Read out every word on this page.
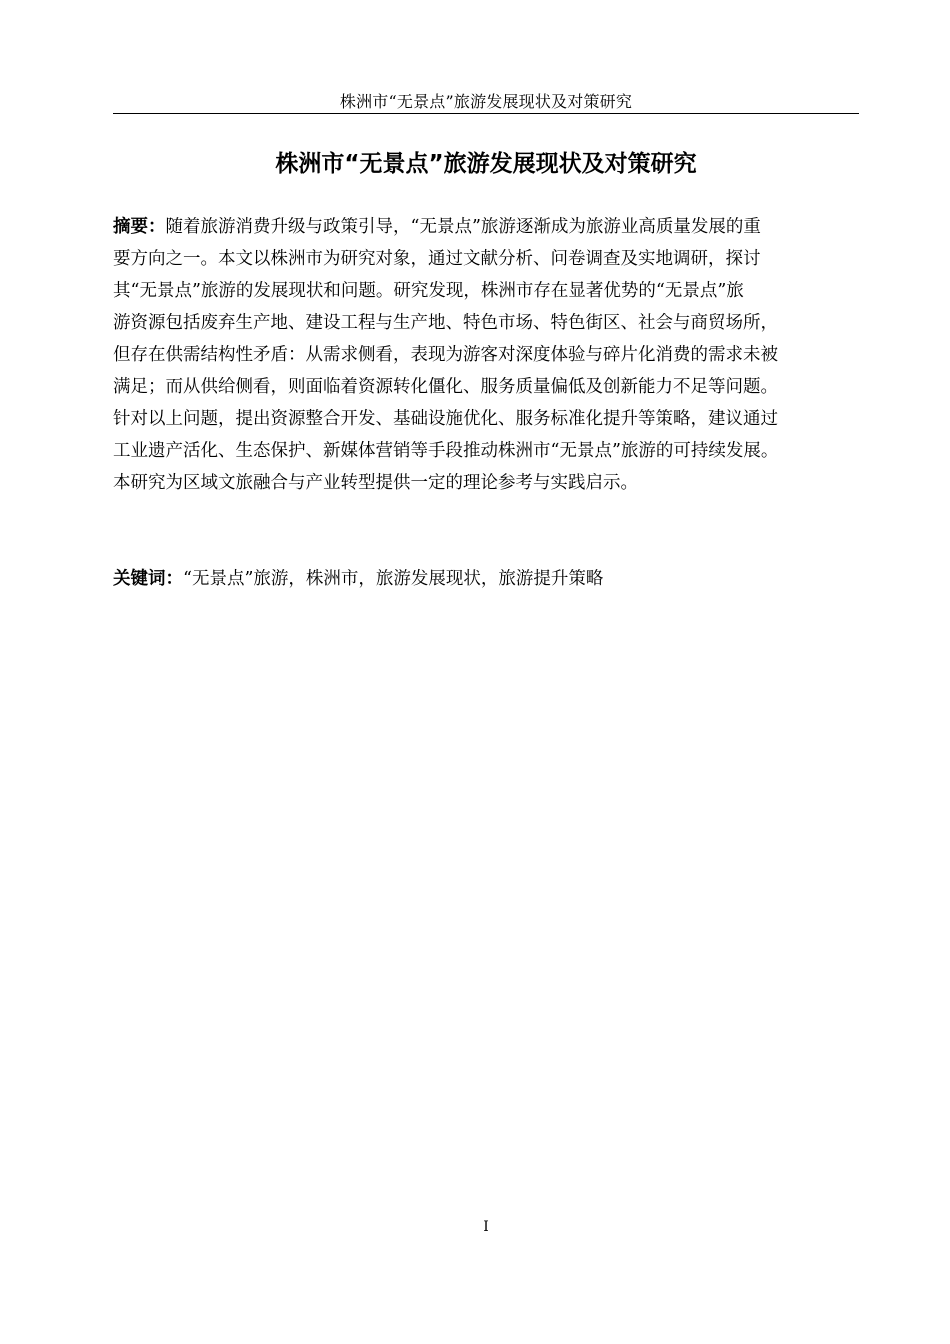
株洲市“无景点”旅游发展现状及对策研究
株洲市“无景点”旅游发展现状及对策研究
摘要：随着旅游消费升级与政策引导，“无景点”旅游逐渐成为旅游业高质量发展的重
要方向之一。本文以株洲市为研究对象，通过文献分析、问卷调查及实地调研，探讨
其“无景点”旅游的发展现状和问题。研究发现，株洲市存在显著优势的“无景点”旅
游资源包括废弃生产地、建设工程与生产地、特色市场、特色街区、社会与商贸场所，
但存在供需结构性矛盾：从需求侧看，表现为游客对深度体验与碎片化消费的需求未被
满足；而从供给侧看，则面临着资源转化僵化、服务质量偏低及创新能力不足等问题。
针对以上问题，提出资源整合开发、基础设施优化、服务标准化提升等策略，建议通过
工业遗产活化、生态保护、新媒体营销等手段推动株洲市“无景点”旅游的可持续发展。
本研究为区域文旅融合与产业转型提供一定的理论参考与实践启示。
关键词：“无景点”旅游，株洲市，旅游发展现状，旅游提升策略
I
